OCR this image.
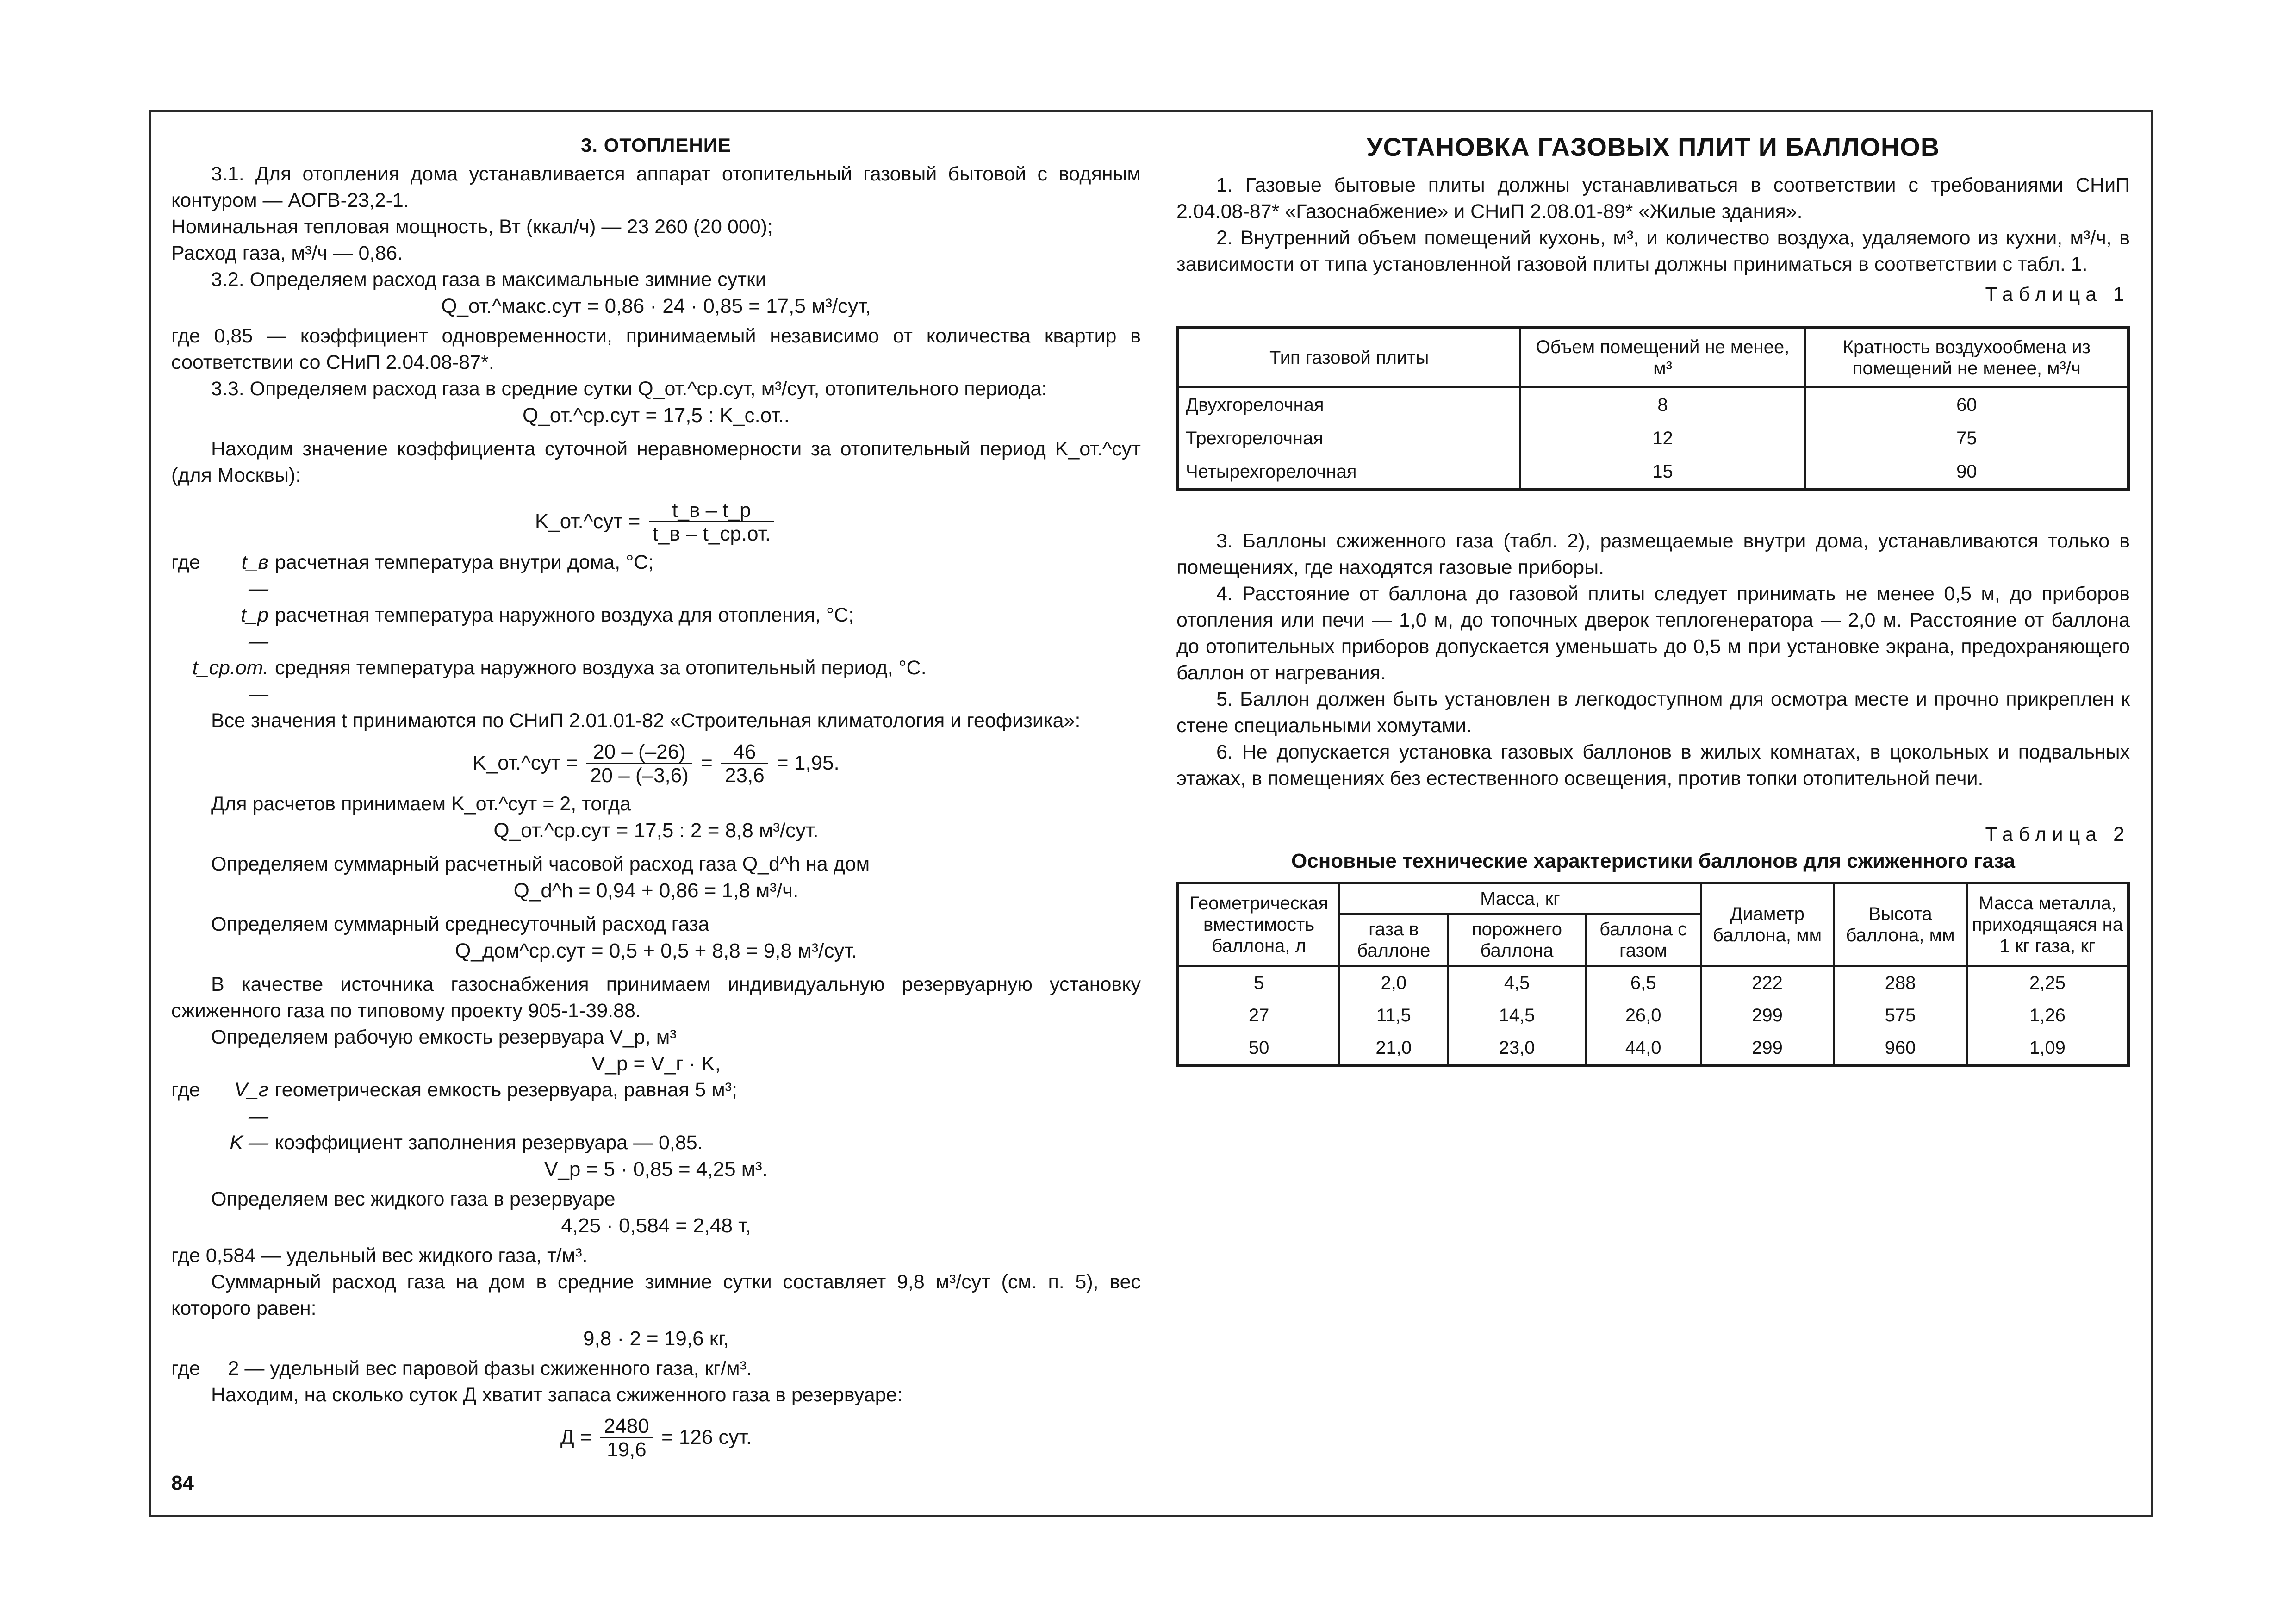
3. ОТОПЛЕНИЕ

3.1. Для отопления дома устанавливается аппарат отопительный газовый бытовой с водяным контуром — АОГВ-23,2-1.

Номинальная тепловая мощность, Вт (ккал/ч) — 23 260 (20 000);

Расход газа, м³/ч — 0,86.

3.2. Определяем расход газа в максимальные зимние сутки

Q_от.^макс.сут = 0,86 · 24 · 0,85 = 17,5 м³/сут,

где 0,85 — коэффициент одновременности, принимаемый независимо от количества квартир в соответствии со СНиП 2.04.08-87*.

3.3. Определяем расход газа в средние сутки Q_от.^ср.сут, м³/сут, отопительного периода:

Q_от.^ср.сут = 17,5 : K_с.от..

Находим значение коэффициента суточной неравномерности за отопительный период K_от.^сут (для Москвы):

K_от.^сут = $\frac{t\_в - t\_р}{t\_в - t\_ср.от.}$

где	t_в —
расчетная температура внутри дома, °С;
t_р —
расчетная температура наружного воздуха для отопления, °С;
t_ср.от. —
средняя температура наружного воздуха за отопительный период, °С.

Все значения t принимаются по СНиП 2.01.01-82 «Строительная климатология и геофизика»:

K_от.^сут = $\frac{20 - (-26)}{20 - (-3,6)} = \frac{46}{23,6} = 1,95$.

Для расчетов принимаем K_от.^сут = 2, тогда

Q_от.^ср.сут = 17,5 : 2 = 8,8 м³/сут.

Определяем суммарный расчетный часовой расход газа Q_d^h на дом

Q_d^h = 0,94 + 0,86 = 1,8 м³/ч.

Определяем суммарный среднесуточный расход газа

Q_дом^ср.сут = 0,5 + 0,5 + 8,8 = 9,8 м³/сут.

В качестве источника газоснабжения принимаем индивидуальную резервуарную установку сжиженного газа по типовому проекту 905-1-39.88.

Определяем рабочую емкость резервуара V_р, м³

V_р = V_г · K,

где	V_г —
геометрическая емкость резервуара, равная 5 м³;
K — коэффициент заполнения резервуара — 0,85.

V_р = 5 · 0,85 = 4,25 м³.

Определяем вес жидкого газа в резервуаре

4,25 · 0,584 = 2,48 т,

где 0,584 — удельный вес жидкого газа, т/м³.

Суммарный расход газа на дом в средние зимние сутки составляет 9,8 м³/сут (см. п. 5), вес которого равен:

9,8 · 2 = 19,6 кг,

где     2 — удельный вес паровой фазы сжиженного газа, кг/м³.

Находим, на сколько суток Д хватит запаса сжиженного газа в резервуаре:

$Д = \frac{2480}{19,6} = 126$ сут.

УСТАНОВКА ГАЗОВЫХ ПЛИТ И БАЛЛОНОВ

1. Газовые бытовые плиты должны устанавливаться в соответствии с требованиями СНиП 2.04.08-87* «Газоснабжение» и СНиП 2.08.01-89* «Жилые здания».

2. Внутренний объем помещений кухонь, м³, и количество воздуха, удаляемого из кухни, м³/ч, в зависимости от типа установленной газовой плиты должны приниматься в соответствии с табл. 1.

Таблица 1

Тип газовой плиты	Объем помещений не менее, м³	Кратность воздухообмена из помещений не менее, м³/ч
Двухгорелочная	8	60
Трехгорелочная	12	75
Четырехгорелочная	15	90

3. Баллоны сжиженного газа (табл. 2), размещаемые внутри дома, устанавливаются только в помещениях, где находятся газовые приборы.

4. Расстояние от баллона до газовой плиты следует принимать не менее 0,5 м, до приборов отопления или печи — 1,0 м, до топочных дверок теплогенератора — 2,0 м. Расстояние от баллона до отопительных приборов допускается уменьшать до 0,5 м при установке экрана, предохраняющего баллон от нагревания.

5. Баллон должен быть установлен в легкодоступном для осмотра месте и прочно прикреплен к стене специальными хомутами.

6. Не допускается установка газовых баллонов в жилых комнатах, в цокольных и подвальных этажах, в помещениях без естественного освещения, против топки отопительной печи.

Таблица 2

Основные технические характеристики баллонов для сжиженного газа

Геометрическая вместимость баллона, л	Масса, кг			Диаметр баллона, мм	Высота баллона, мм	Масса металла, приходящаяся на 1 кг газа, кг
	газа в баллоне	порожнего баллона	баллона с газом			
5	2,0	4,5	6,5	222	288	2,25
27	11,5	14,5	26,0	299	575	1,26
50	21,0	23,0	44,0	299	960	1,09
84
